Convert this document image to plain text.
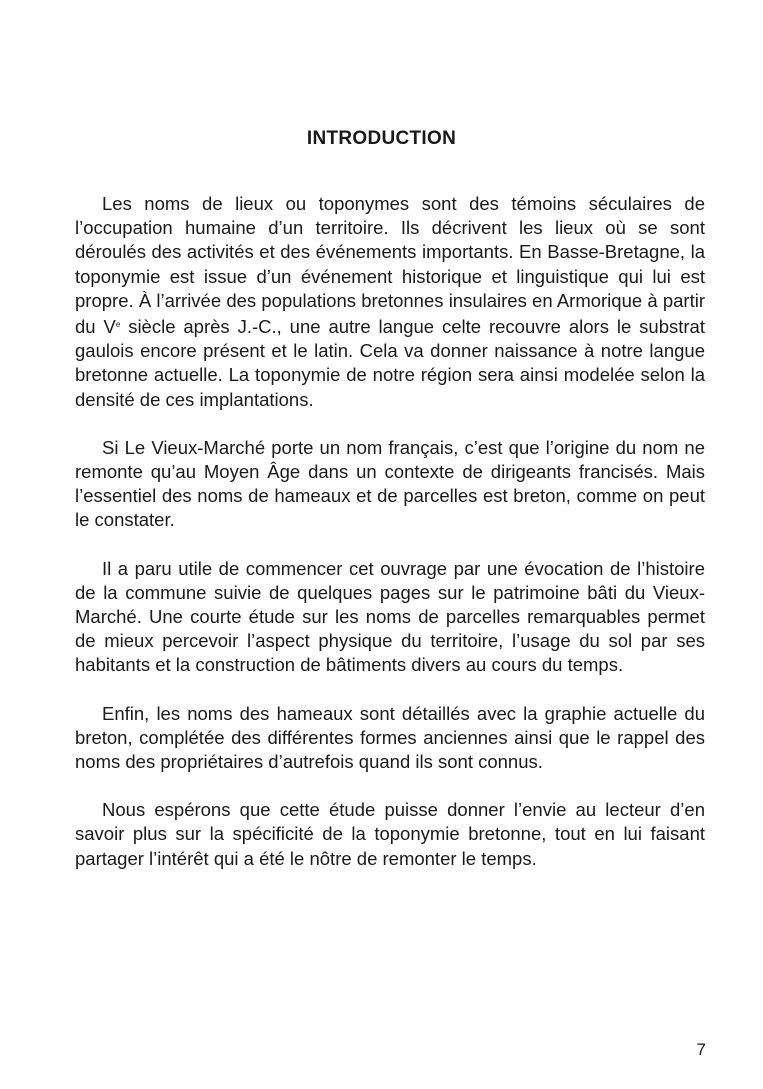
INTRODUCTION

Les noms de lieux ou toponymes sont des témoins séculaires de l’occupation humaine d’un territoire. Ils décrivent les lieux où se sont déroulés des activités et des événements importants. En Basse-Bretagne, la toponymie est issue d’un événement historique et linguistique qui lui est propre. À l’arrivée des populations bretonnes insulaires en Armorique à partir du Ve siècle après J.-C., une autre langue celte recouvre alors le substrat gaulois encore présent et le latin. Cela va donner naissance à notre langue bretonne actuelle. La toponymie de notre région sera ainsi modelée selon la densité de ces implantations.

Si Le Vieux-Marché porte un nom français, c’est que l’origine du nom ne remonte qu’au Moyen Âge dans un contexte de dirigeants francisés. Mais l’essentiel des noms de hameaux et de parcelles est breton, comme on peut le constater.

Il a paru utile de commencer cet ouvrage par une évocation de l’histoire de la commune suivie de quelques pages sur le patrimoine bâti du Vieux-Marché. Une courte étude sur les noms de parcelles remarquables permet de mieux percevoir l’aspect physique du territoire, l’usage du sol par ses habitants et la construction de bâtiments divers au cours du temps.

Enfin, les noms des hameaux sont détaillés avec la graphie actuelle du breton, complétée des différentes formes anciennes ainsi que le rappel des noms des propriétaires d’autrefois quand ils sont connus.

Nous espérons que cette étude puisse donner l’envie au lecteur d’en savoir plus sur la spécificité de la toponymie bretonne, tout en lui faisant partager l’intérêt qui a été le nôtre de remonter le temps.

7
